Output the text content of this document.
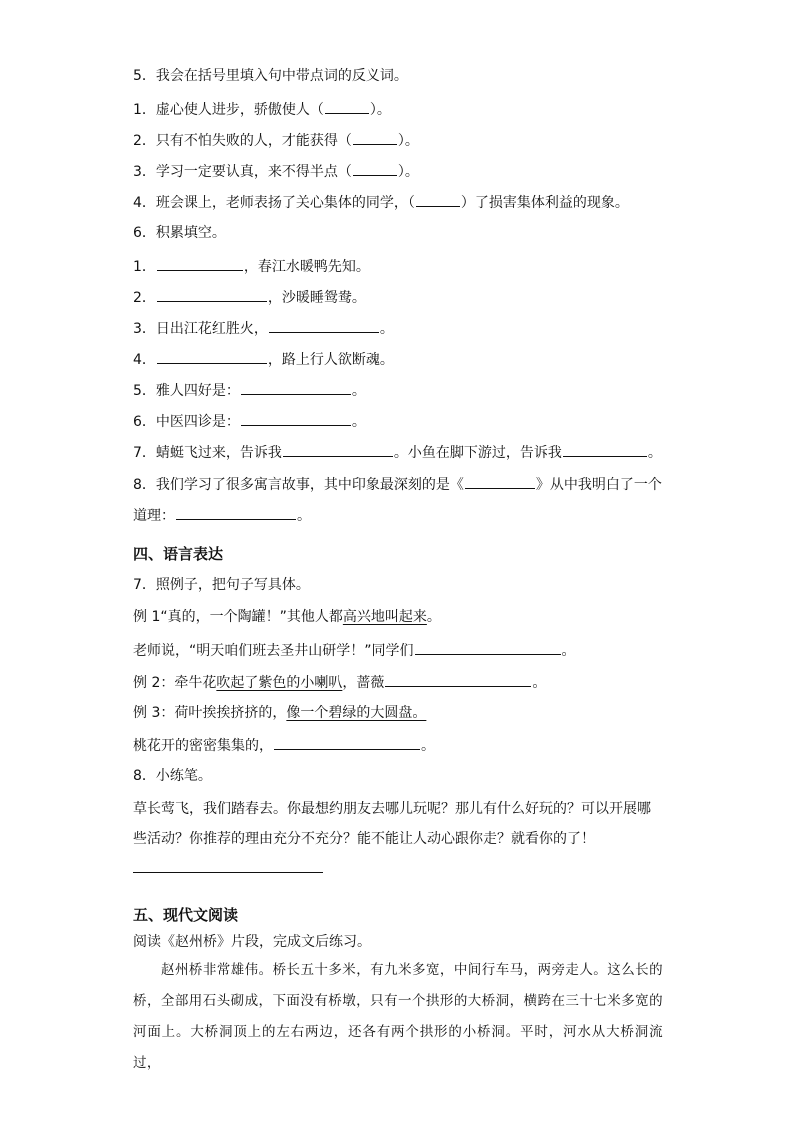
5．我会在括号里填入句中带点词的反义词。
1．虚心使人进步，骄傲使人（	）。
2．只有不怕失败的人，才能获得（	）。
3．学习一定要认真，来不得半点（	）。
4．班会课上，老师表扬了关心集体的同学，（	）了损害集体利益的现象。
6．积累填空。
1．	，春江水暖鸭先知。
2．	，沙暖睡鸳鸯。
3．日出江花红胜火，	。
4．	，路上行人欲断魂。
5．雅人四好是：	。
6．中医四诊是：	。
7．蜻蜓飞过来，告诉我	。小鱼在脚下游过，告诉我	。
8．我们学习了很多寓言故事，其中印象最深刻的是《	》从中我明白了一个
道理：	。
四、语言表达
7．照例子，把句子写具体。
例 1“真的，一个陶罐！”其他人都高兴地叫起来。
老师说，“明天咱们班去圣井山研学！”同学们	。
例 2：牵牛花吹起了紫色的小喇叭，蔷薇	。
例 3：荷叶挨挨挤挤的，像一个碧绿的大圆盘。
桃花开的密密集集的，	。
8．小练笔。
草长莺飞，我们踏春去。你最想约朋友去哪儿玩呢？那儿有什么好玩的？可以开展哪些活动？你推荐的理由充分不充分？能不能让人动心跟你走？就看你的了！
五、现代文阅读
阅读《赵州桥》片段，完成文后练习。

赵州桥非常雄伟。桥长五十多米，有九米多宽，中间行车马，两旁走人。这么长的桥，全部用石头砌成，下面没有桥墩，只有一个拱形的大桥洞，横跨在三十七米多宽的河面上。大桥洞顶上的左右两边，还各有两个拱形的小桥洞。平时，河水从大桥洞流过，
